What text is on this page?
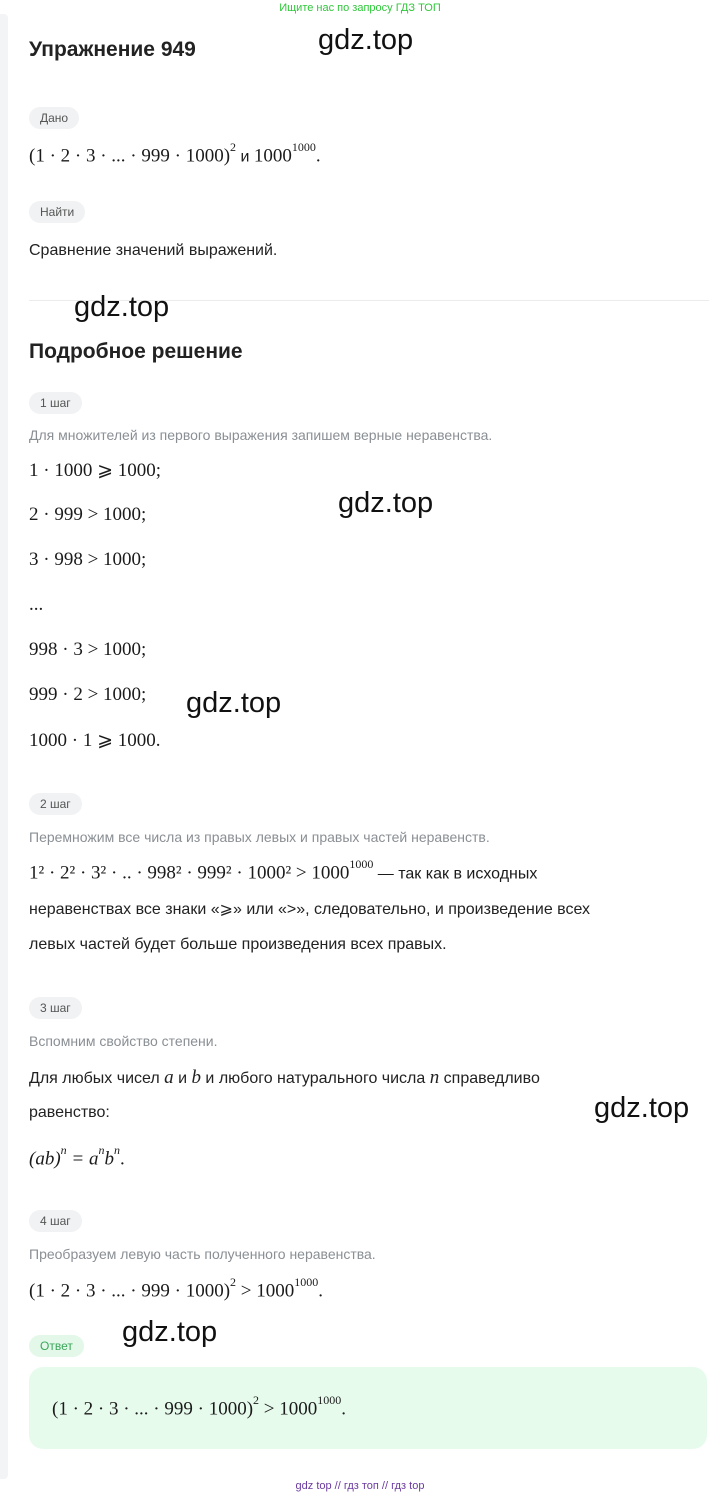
Ищите нас по запросу ГДЗ ТОП
Упражнение 949
Дано
(1 · 2 · 3 · ... · 999 · 1000)$^2$ и $1000^{1000}$.
Найти
Сравнение значений выражений.
Подробное решение
1 шаг
Для множителей из первого выражения запишем верные неравенства.
1 · 1000 ⩾ 1000;
2 · 999 > 1000;
3 · 998 > 1000;
...
998 · 3 > 1000;
999 · 2 > 1000;
1000 · 1 ⩾ 1000.
2 шаг
Перемножим все числа из правых левых и правых частей неравенств.
1² · 2² · 3² · .. · $998^2 \cdot 999^2 \cdot 1000^2 > 1000^{1000}$ — так как в исходных
неравенствах все знаки «⩾» или «>», следовательно, и произведение всех
левых частей будет больше произведения всех правых.
3 шаг
Вспомним свойство степени.
Для любых чисел a и b и любого натурального числа n справедливо
равенство:
$(ab)^n = a^nb^n$.
4 шаг
Преобразуем левую часть полученного неравенства.
(1 · 2 · 3 · ... · $999 \cdot 1000)^2 > 1000^{1000}$.
Ответ
(1 · 2 · 3 · ... · $999 \cdot 1000)^2 > 1000^{1000}$.
gdz.top
gdz.top
gdz.top
gdz.top
gdz.top
gdz.top
gdz top // гдз топ // гдз top
